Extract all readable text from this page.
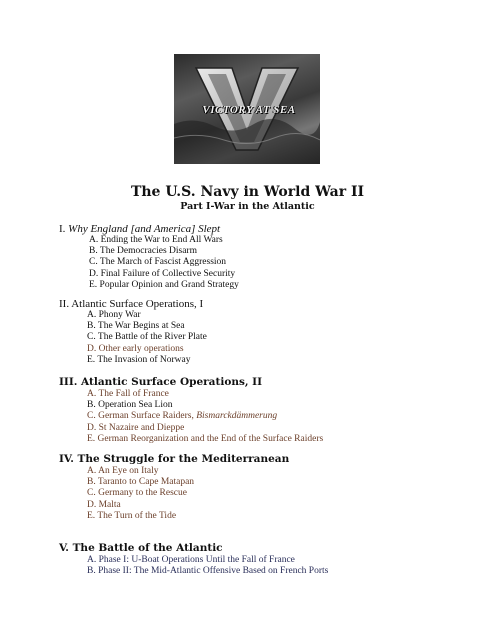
VICTORY AT SEA
The U.S. Navy in World War II
Part I-War in the Atlantic
I. Why England [and America] Slept
A. Ending the War to End All Wars
B. The Democracies Disarm
C. The March of Fascist Aggression
D. Final Failure of Collective Security
E. Popular Opinion and Grand Strategy
II. Atlantic Surface Operations, I
A. Phony War
B. The War Begins at Sea
C. The Battle of the River Plate
D. Other early operations
E. The Invasion of Norway
III. Atlantic Surface Operations, II
A. The Fall of France
B. Operation Sea Lion
C. German Surface Raiders, Bismarckdämmerung
D. St Nazaire and Dieppe
E. German Reorganization and the End of the Surface Raiders
IV. The Struggle for the Mediterranean
A. An Eye on Italy
B. Taranto to Cape Matapan
C. Germany to the Rescue
D. Malta
E. The Turn of the Tide
V. The Battle of the Atlantic
A. Phase I: U-Boat Operations Until the Fall of France
B. Phase II: The Mid-Atlantic Offensive Based on French Ports
